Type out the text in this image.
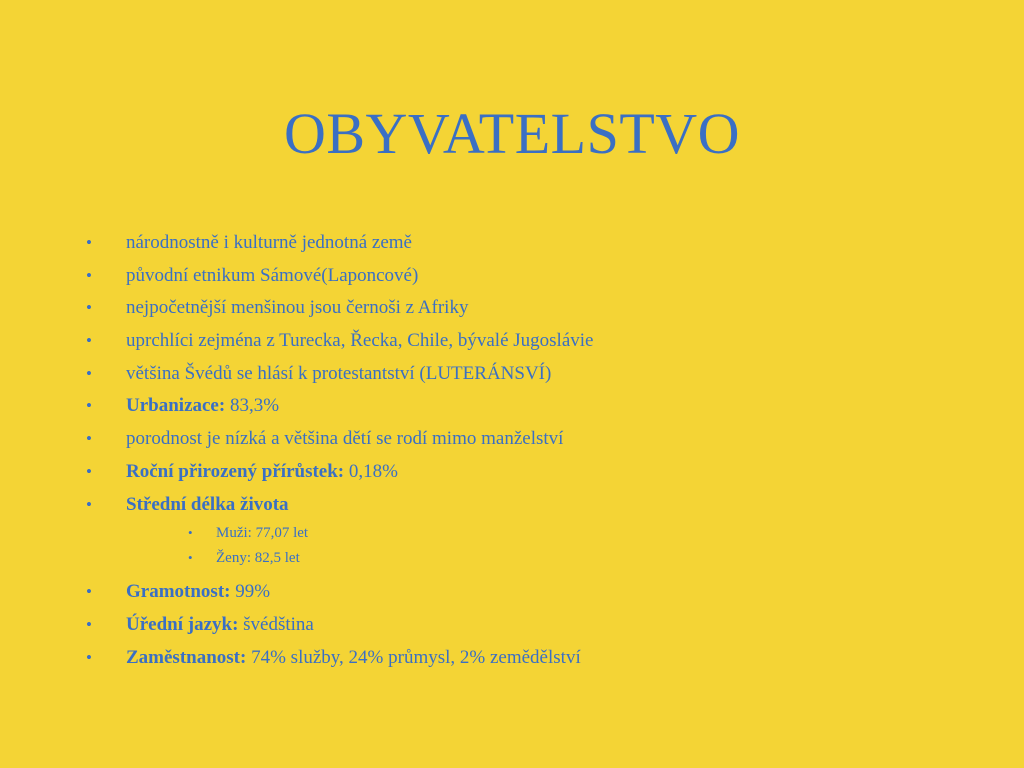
OBYVATELSTVO
• národnostně i kulturně jednotná země
• původní etnikum Sámové(Laponcové)
• nejpočetnější menšinou jsou černoši z Afriky
• uprchlíci zejména z Turecka, Řecka, Chile, bývalé Jugoslávie
• většina Švédů se hlásí k protestantství (LUTERÁNSVÍ)
• Urbanizace: 83,3%
• porodnost je nízká a většina dětí se rodí mimo manželství
• Roční přirozený přírůstek: 0,18%
• Střední délka života
• Muži: 77,07 let
• Ženy: 82,5 let
• Gramotnost: 99%
• Úřední jazyk: švédština
• Zaměstnanost: 74% služby, 24% průmysl, 2% zemědělství
